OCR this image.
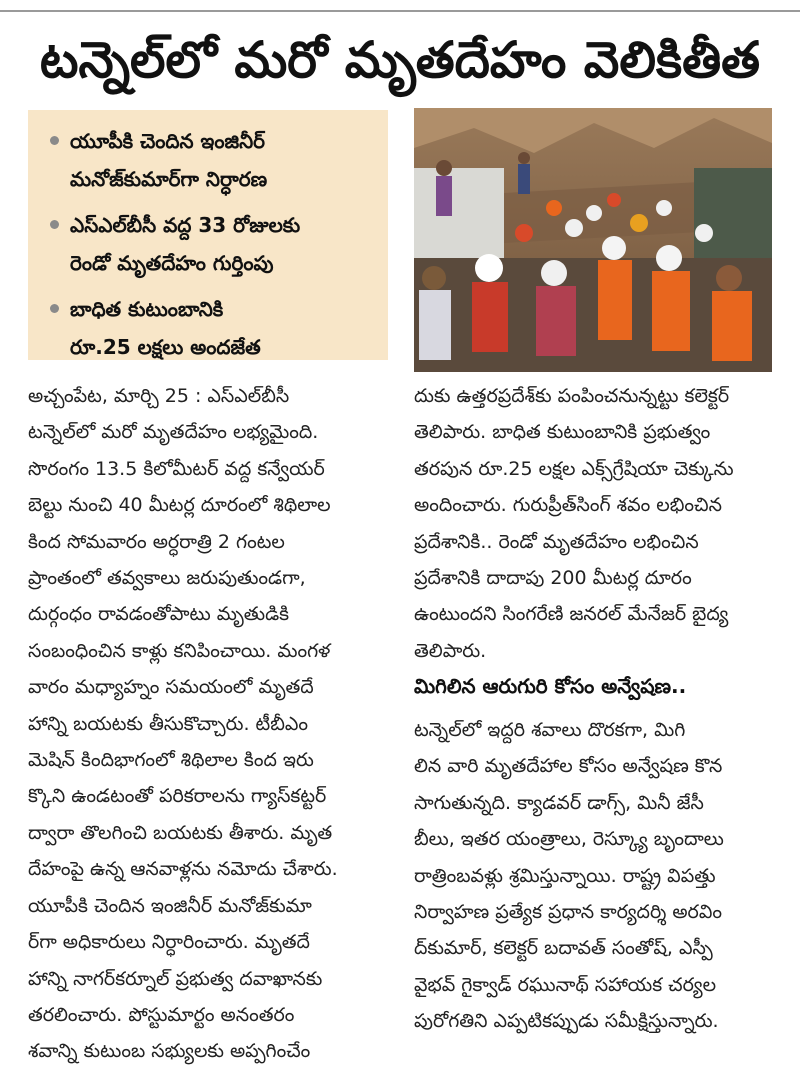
టన్నెల్‌లో మరో మృతదేహం వెలికితీత
యూపీకి చెందిన ఇంజినీర్
మనోజ్‌కుమార్‌గా నిర్ధారణ
ఎస్‌ఎల్‌బీసీ వద్ద 33 రోజులకు
రెండో మృతదేహం గుర్తింపు
బాధిత కుటుంబానికి
రూ.25 లక్షలు అందజేత
అచ్చంపేట, మార్చి 25 : ఎస్‌ఎల్‌బీసీ
టన్నెల్‌లో మరో మృతదేహం లభ్యమైంది.
సొరంగం 13.5 కిలోమీటర్ వద్ద కన్వేయర్
బెల్టు నుంచి 40 మీటర్ల దూరంలో శిథిలాల
కింద సోమవారం అర్ధరాత్రి 2 గంటల
ప్రాంతంలో తవ్వకాలు జరుపుతుండగా,
దుర్గంధం రావడంతోపాటు మృతుడికి
సంబంధించిన కాళ్లు కనిపించాయి. మంగళ
వారం మధ్యాహ్నం సమయంలో మృతదే
హాన్ని బయటకు తీసుకొచ్చారు. టీబీఎం
మెషిన్ కిందిభాగంలో శిథిలాల కింద ఇరు
క్కొని ఉండటంతో పరికరాలను గ్యాస్‌కట్టర్
ద్వారా తొలగించి బయటకు తీశారు. మృత
దేహంపై ఉన్న ఆనవాళ్లను నమోదు చేశారు.
యూపీకి చెందిన ఇంజినీర్ మనోజ్‌కుమా
ర్‌గా అధికారులు నిర్ధారించారు. మృతదే
హాన్ని నాగర్‌కర్నూల్ ప్రభుత్వ దవాఖానకు
తరలించారు. పోస్టుమార్టం అనంతరం
శవాన్ని కుటుంబ సభ్యులకు అప్పగించేం
దుకు ఉత్తరప్రదేశ్‌కు పంపించనున్నట్టు కలెక్టర్
తెలిపారు. బాధిత కుటుంబానికి ప్రభుత్వం
తరపున రూ.25 లక్షల ఎక్స్‌గ్రేషియా చెక్కును
అందించారు. గురుప్రీత్‌సింగ్ శవం లభించిన
ప్రదేశానికి.. రెండో మృతదేహం లభించిన
ప్రదేశానికి దాదాపు 200 మీటర్ల దూరం
ఉంటుందని సింగరేణి జనరల్ మేనేజర్ బైద్య
తెలిపారు.
మిగిలిన ఆరుగురి కోసం అన్వేషణ..
టన్నెల్‌లో ఇద్దరి శవాలు దొరకగా, మిగి
లిన వారి మృతదేహాల కోసం అన్వేషణ కొన
సాగుతున్నది. క్యాడవర్ డాగ్స్, మినీ జేసీ
బీలు, ఇతర యంత్రాలు, రెస్క్యూ బృందాలు
రాత్రింబవళ్లు శ్రమిస్తున్నాయి. రాష్ట్ర విపత్తు
నిర్వాహణ ప్రత్యేక ప్రధాన కార్యదర్శి అరవిం
ద్‌కుమార్, కలెక్టర్ బదావత్ సంతోష్, ఎస్పీ
వైభవ్ గైక్వాడ్ రఘునాథ్ సహాయక చర్యల
పురోగతిని ఎప్పటికప్పుడు సమీక్షిస్తున్నారు.
